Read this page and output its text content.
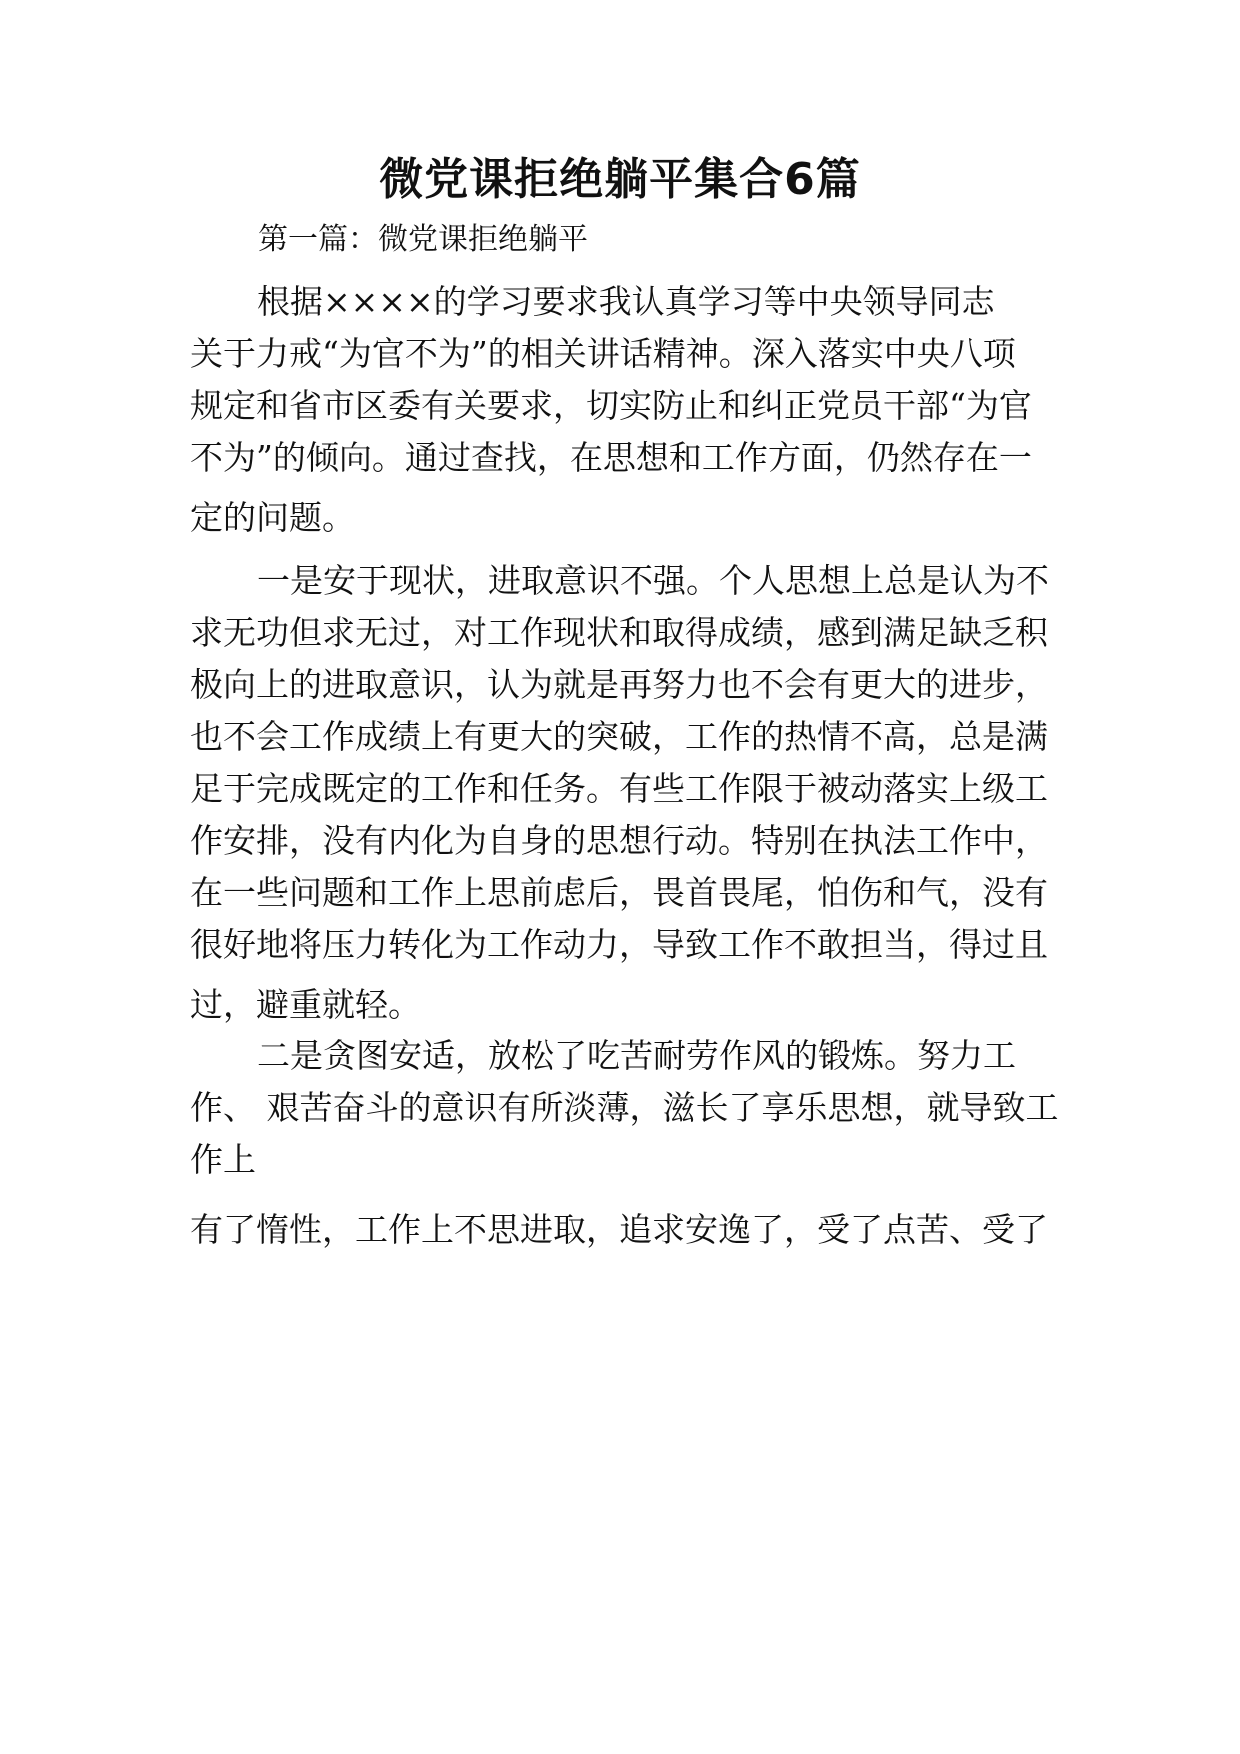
微党课拒绝躺平集合6篇
第一篇：微党课拒绝躺平
根据××××的学习要求我认真学习等中央领导同志
关于力戒“为官不为”的相关讲话精神。深入落实中央八项
规定和省市区委有关要求，切实防止和纠正党员干部“为官
不为”的倾向。通过查找，在思想和工作方面，仍然存在一
定的问题。
一是安于现状，进取意识不强。个人思想上总是认为不
求无功但求无过，对工作现状和取得成绩，感到满足缺乏积
极向上的进取意识，认为就是再努力也不会有更大的进步，
也不会工作成绩上有更大的突破，工作的热情不高，总是满
足于完成既定的工作和任务。有些工作限于被动落实上级工
作安排，没有内化为自身的思想行动。特别在执法工作中，
在一些问题和工作上思前虑后，畏首畏尾，怕伤和气，没有
很好地将压力转化为工作动力，导致工作不敢担当，得过且
过，避重就轻。
二是贪图安适，放松了吃苦耐劳作风的锻炼。努力工
作、 艰苦奋斗的意识有所淡薄，滋长了享乐思想，就导致工
作上
有了惰性，工作上不思进取，追求安逸了，受了点苦、受了
